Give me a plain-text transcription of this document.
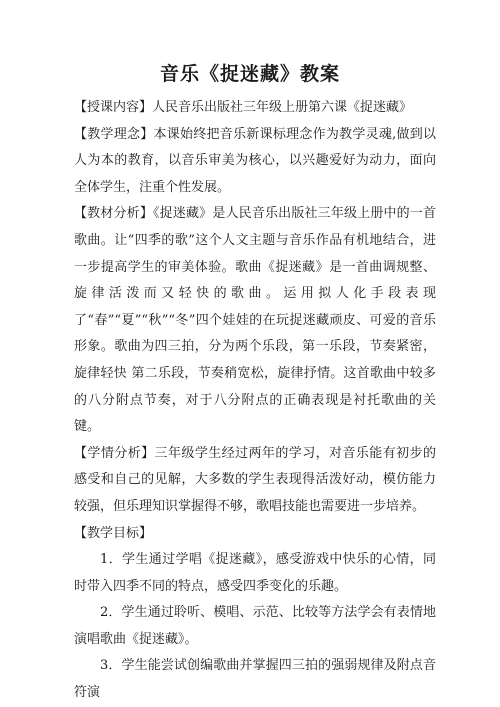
音乐《捉迷藏》教案

【授课内容】人民音乐出版社三年级上册第六课《捉迷藏》

【教学理念】本课始终把音乐新课标理念作为教学灵魂,做到以人为本的教育，以音乐审美为核心，以兴趣爱好为动力，面向全体学生，注重个性发展。

【教材分析】《捉迷藏》是人民音乐出版社三年级上册中的一首歌曲。让“四季的歌”这个人文主题与音乐作品有机地结合，进一步提高学生的审美体验。歌曲《捉迷藏》是一首曲调规整、旋律活泼而又轻快的歌曲。运用拟人化手段表现了“春”“夏”“秋”“冬”四个娃娃的在玩捉迷藏顽皮、可爱的音乐形象。歌曲为四三拍，分为两个乐段，第一乐段，节奏紧密，旋律轻快 第二乐段，节奏稍宽松，旋律抒情。这首歌曲中较多的八分附点节奏，对于八分附点的正确表现是衬托歌曲的关键。

【学情分析】三年级学生经过两年的学习，对音乐能有初步的感受和自己的见解，大多数的学生表现得活泼好动，模仿能力较强，但乐理知识掌握得不够，歌唱技能也需要进一步培养。

【教学目标】

1．学生通过学唱《捉迷藏》，感受游戏中快乐的心情，同时带入四季不同的特点，感受四季变化的乐趣。

2．学生通过聆听、模唱、示范、比较等方法学会有表情地演唱歌曲《捉迷藏》。

3．学生能尝试创编歌曲并掌握四三拍的强弱规律及附点音符演
